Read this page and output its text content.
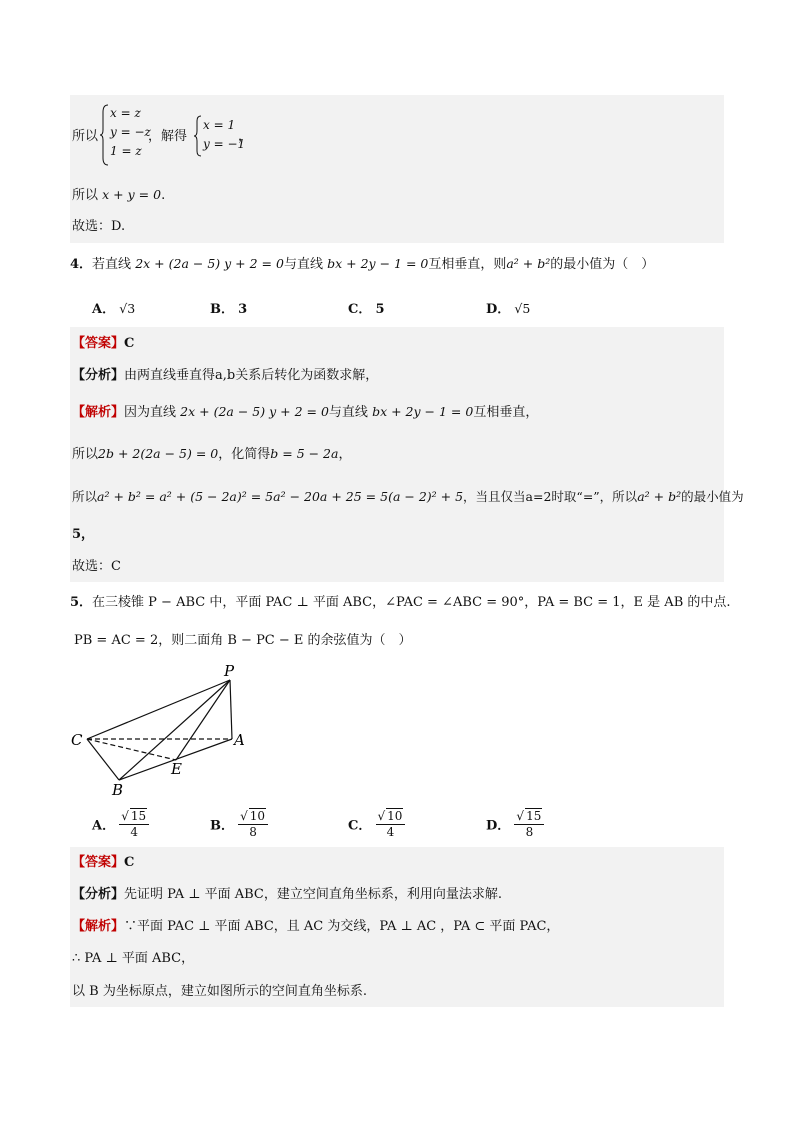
所以
x = z
y = −z
1 = z
，解得
x = 1
y = −1
，
所以 x + y = 0.
故选：D.
4．若直线 2x + (2a − 5) y + 2 = 0与直线 bx + 2y − 1 = 0互相垂直，则a² + b²的最小值为（　）
A． √3	B． 3	C． 5	D． √5
【答案】C
【分析】由两直线垂直得a,b关系后转化为函数求解，
【解析】因为直线 2x + (2a − 5) y + 2 = 0与直线 bx + 2y − 1 = 0互相垂直，
所以2b + 2(2a − 5) = 0，化简得b = 5 − 2a，
所以a² + b² = a² + (5 − 2a)² = 5a² − 20a + 25 = 5(a − 2)² + 5，当且仅当a=2时取“=”，所以a² + b²的最小值为
5，
故选：C
5．在三棱锥 P − ABC 中，平面 PAC ⊥ 平面 ABC，∠PAC = ∠ABC = 90°，PA = BC = 1，E 是 AB 的中点.
PB = AC = 2，则二面角 B − PC − E 的余弦值为（　）
P
C	A
E
B
A． $\frac{√ 15}{4}$	B． $\frac{√ 10}{8}$	C． $\frac{√ 10}{4}$	D． $\frac{√ 15}{8}$
【答案】C
【分析】先证明 PA ⊥ 平面 ABC，建立空间直角坐标系，利用向量法求解.
【解析】∵平面 PAC ⊥ 平面 ABC，且 AC 为交线，PA ⊥ AC ，PA ⊂ 平面 PAC，
∴ PA ⊥ 平面 ABC，
以 B 为坐标原点，建立如图所示的空间直角坐标系.
